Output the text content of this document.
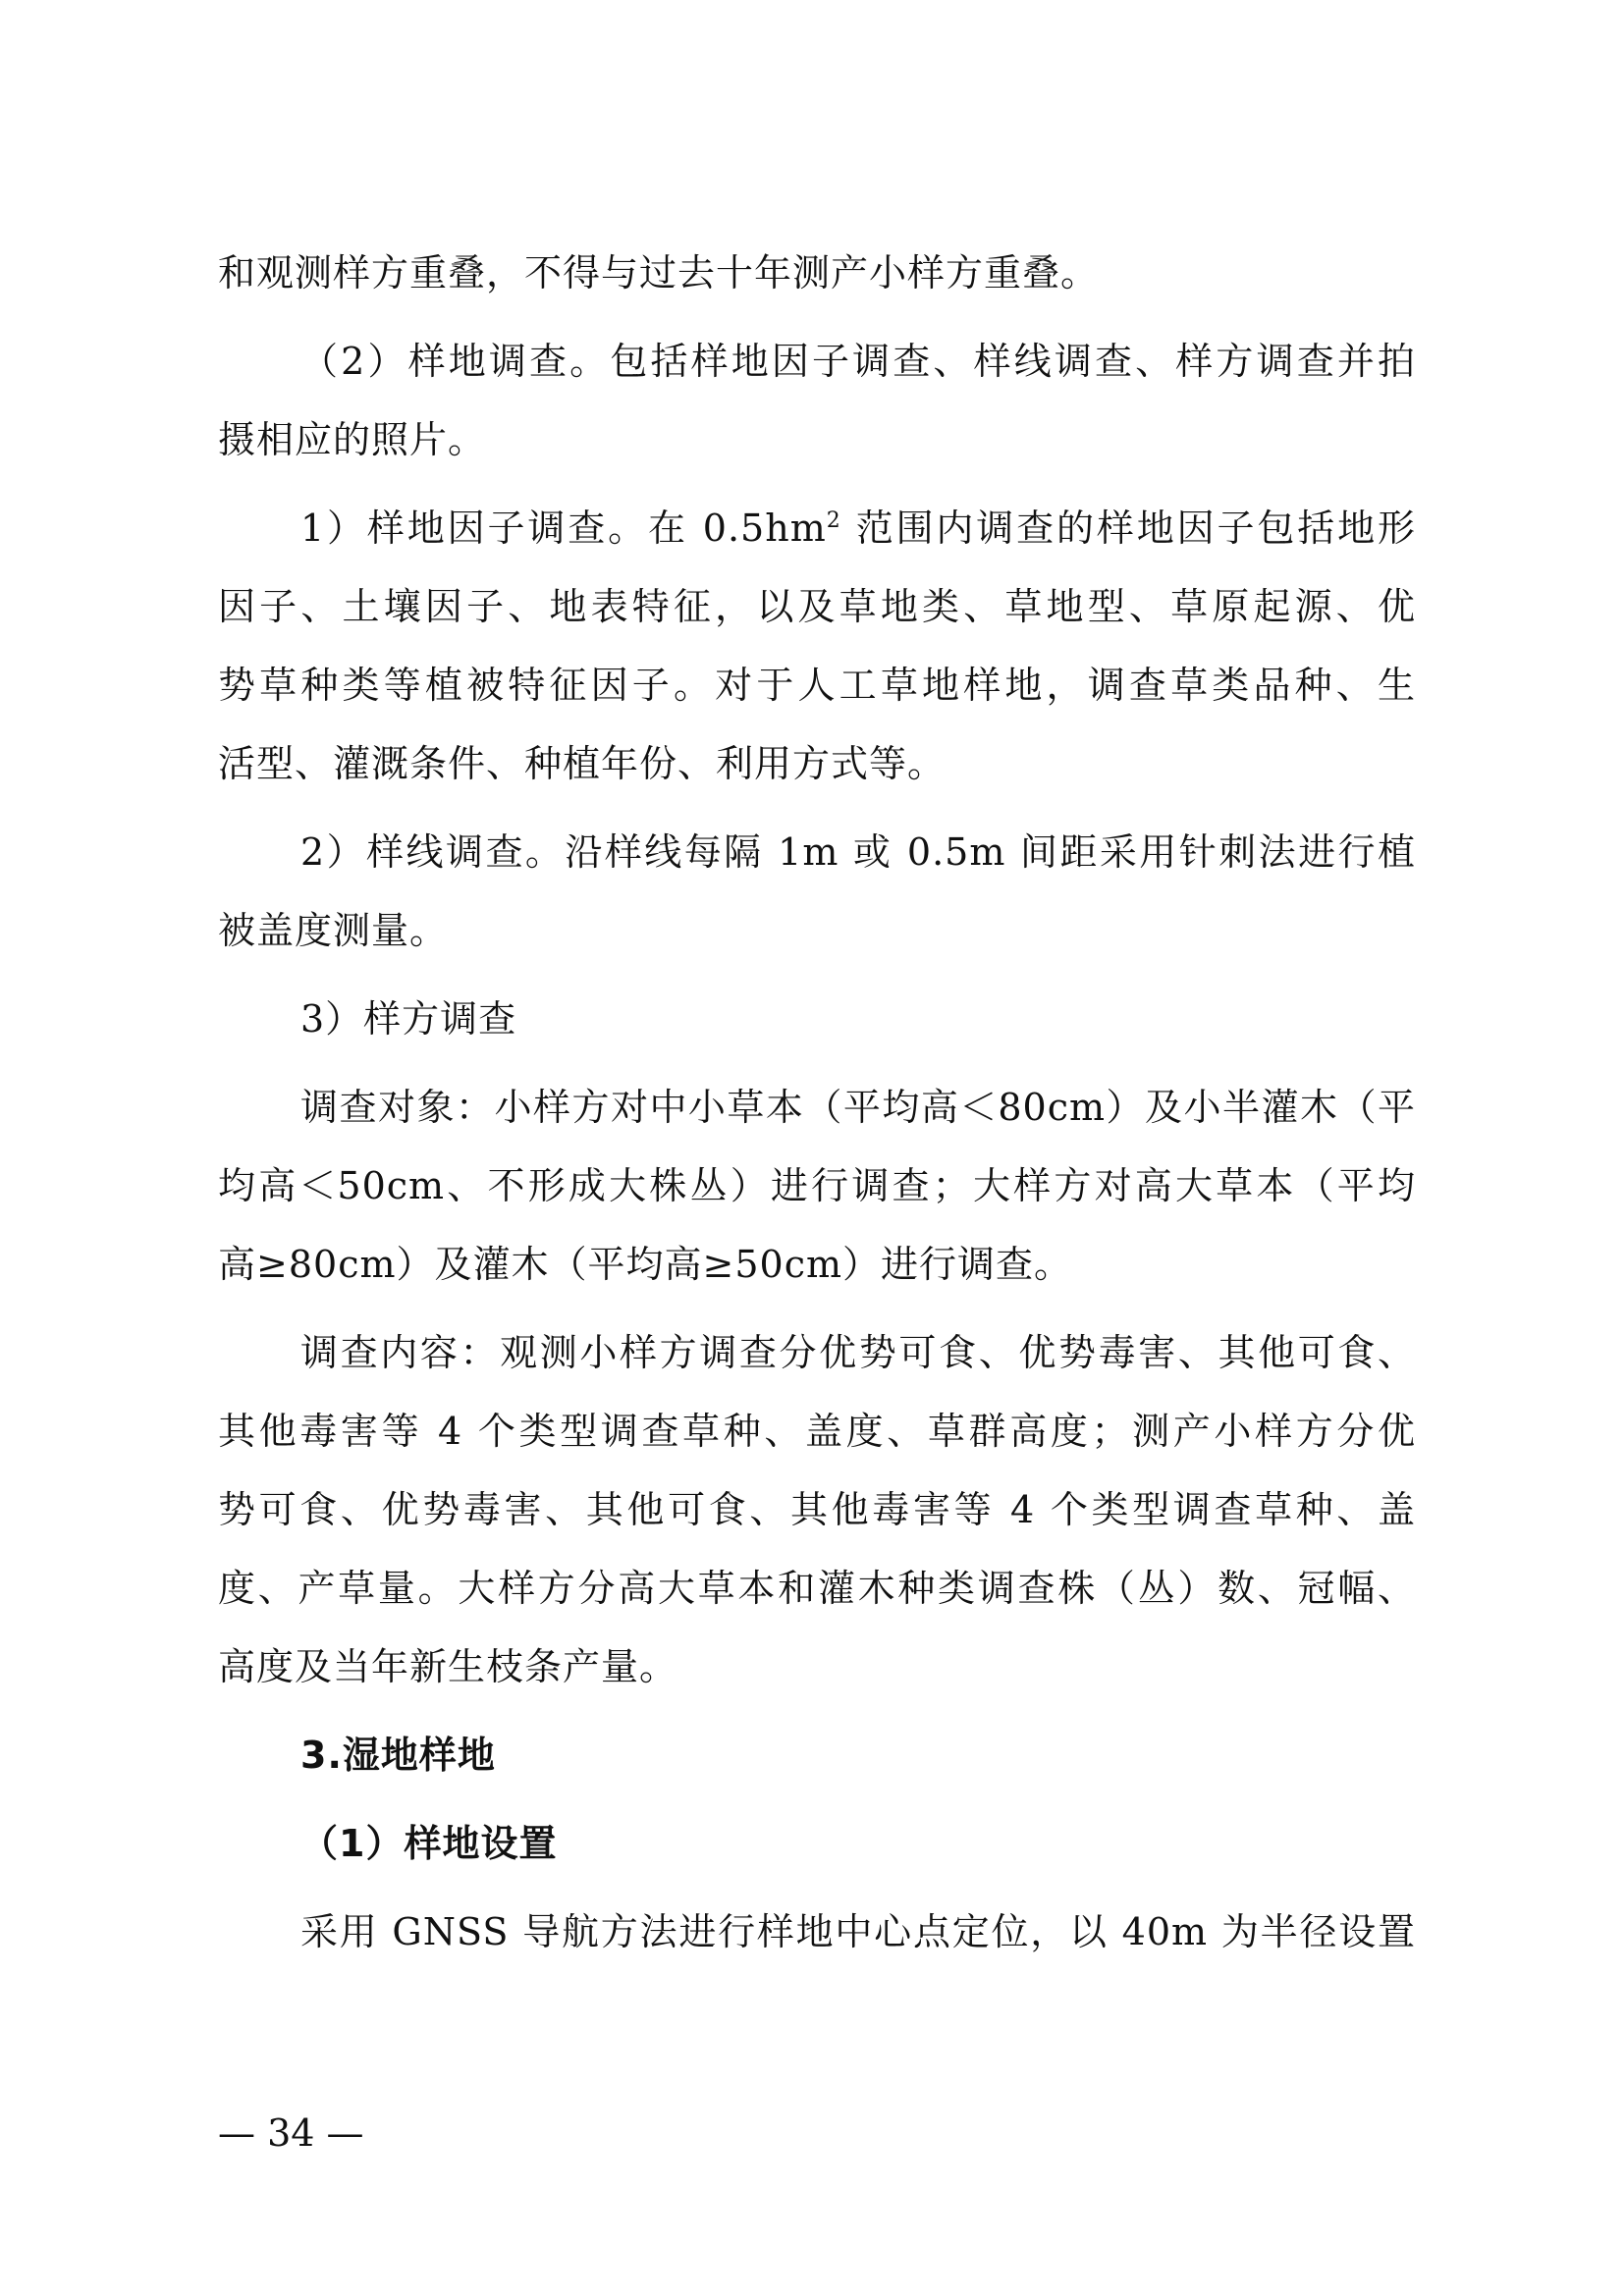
和观测样方重叠，不得与过去十年测产小样方重叠。
（2）样地调查。包括样地因子调查、样线调查、样方调查并拍
摄相应的照片。
1）样地因子调查。在 $0.5hm^2$ 范围内调查的样地因子包括地形
因子、土壤因子、地表特征，以及草地类、草地型、草原起源、优
势草种类等植被特征因子。对于人工草地样地，调查草类品种、生
活型、灌溉条件、种植年份、利用方式等。
2）样线调查。沿样线每隔 1m 或 0.5m 间距采用针刺法进行植
被盖度测量。
3）样方调查
调查对象：小样方对中小草本（平均高＜80cm）及小半灌木（平
均高＜50cm、不形成大株丛）进行调查；大样方对高大草本（平均
高≥80cm）及灌木（平均高≥50cm）进行调查。
调查内容：观测小样方调查分优势可食、优势毒害、其他可食、
其他毒害等 4 个类型调查草种、盖度、草群高度；测产小样方分优
势可食、优势毒害、其他可食、其他毒害等 4 个类型调查草种、盖
度、产草量。大样方分高大草本和灌木种类调查株（丛）数、冠幅、
高度及当年新生枝条产量。
3.湿地样地
（1）样地设置
采用 GNSS 导航方法进行样地中心点定位，以 40m 为半径设置
— 34 —
